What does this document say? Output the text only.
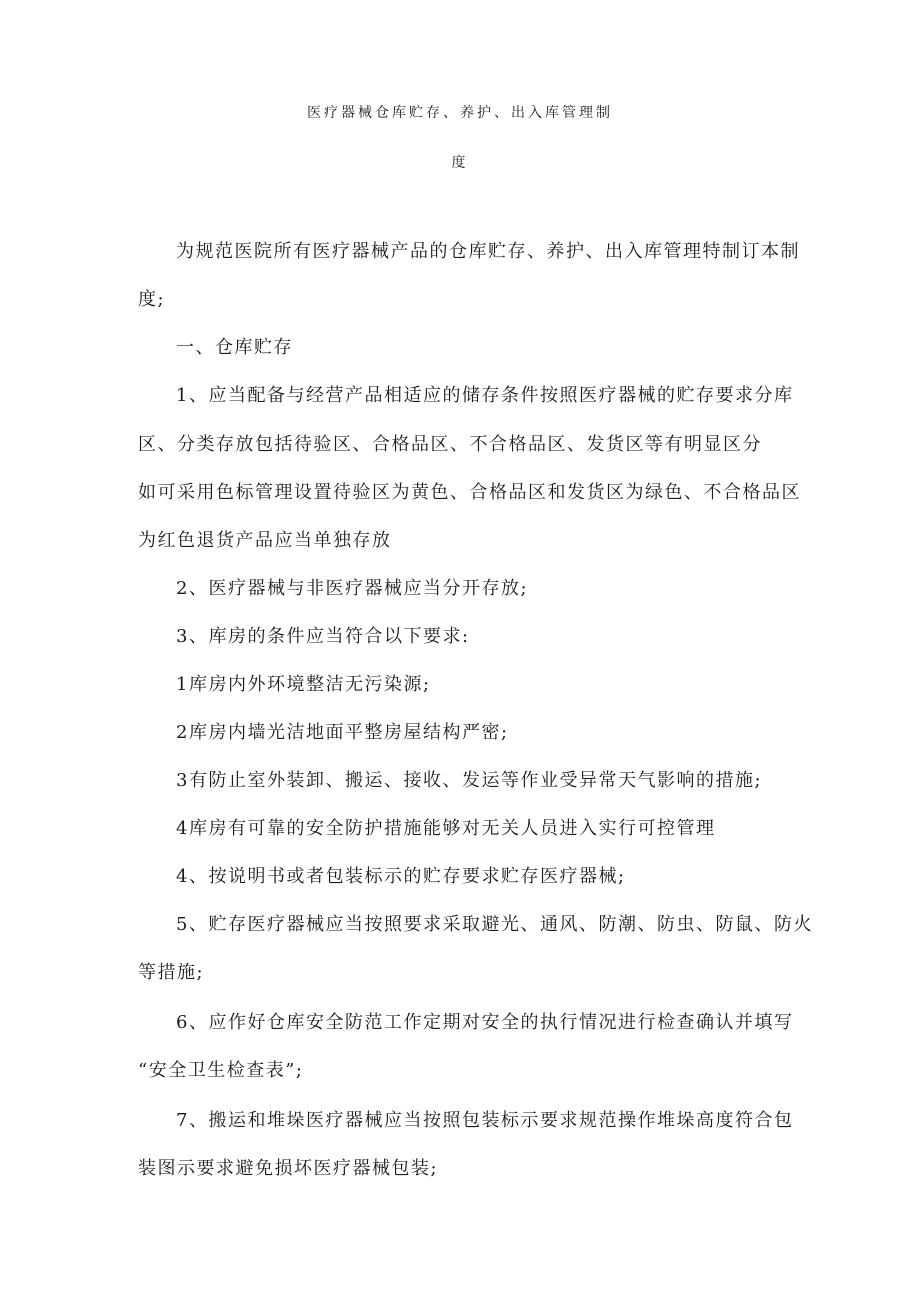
医疗器械仓库贮存、养护、出入库管理制
度
为规范医院所有医疗器械产品的仓库贮存、养护、出入库管理特制订本制
度;
一、仓库贮存
1、应当配备与经营产品相适应的储存条件按照医疗器械的贮存要求分库
区、分类存放包括待验区、合格品区、不合格品区、发货区等有明显区分
如可采用色标管理设置待验区为黄色、合格品区和发货区为绿色、不合格品区
为红色退货产品应当单独存放
2、医疗器械与非医疗器械应当分开存放;
3、库房的条件应当符合以下要求:
1库房内外环境整洁无污染源;
2库房内墙光洁地面平整房屋结构严密;
3有防止室外装卸、搬运、接收、发运等作业受异常天气影响的措施;
4库房有可靠的安全防护措施能够对无关人员进入实行可控管理
4、按说明书或者包装标示的贮存要求贮存医疗器械;
5、贮存医疗器械应当按照要求采取避光、通风、防潮、防虫、防鼠、防火
等措施;
6、应作好仓库安全防范工作定期对安全的执行情况进行检查确认并填写
“安全卫生检查表”;
7、搬运和堆垛医疗器械应当按照包装标示要求规范操作堆垛高度符合包
装图示要求避免损坏医疗器械包装;
